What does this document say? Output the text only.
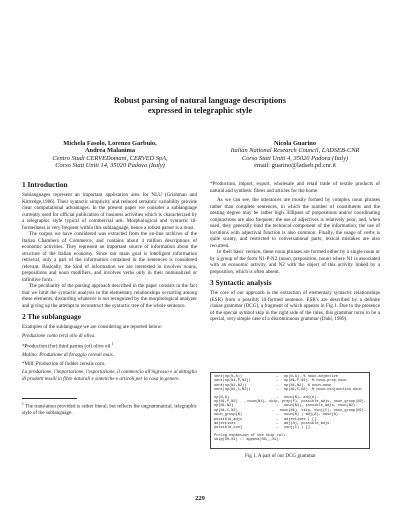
Robust parsing of natural language descriptions
expressed in telegraphic style
Michela Fasolo, Lorenzo Garbuio,
Andrea Malanima
Centro Studi CERVEDomani, CERVED SpA,
Corso Stati Uniti 14, 35020 Padova (Italy)
Nicola Guarino
Italian National Research Council, LADSEB-CNR
Corso Stati Uniti 4, 35020 Padova (Italy)
email: guarino@ladseb.pd.cnr.it

1 Introduction

Sublanguages represent an important application area for NLU (Grishman and Kittredge,1986). Their syntactic simplicity and reduced semantic variability provide clear computational advantages. In the present paper we consider a sublanguage currently used for official publication of business activities which is characterized by a telegraphic style typical of commercial ads. Morphological and syntactic ill-formedness is very frequent within this sublanguage, hence a robust parser is a must.

The corpus we have considered was extracted from the on-line archives of the Italian Chambers of Commerce, and contains about 4 million descriptions of economic activities. They represent an important source of information about the structure of the Italian economy. Since our main goal is intelligent information retrieval, only a part of the information contained in the sentences is considered relevant. Basically, the kind of information we are interested in involves nouns, prepositions and noun modifiers, and involves verbs only in their nominalized or infinitive form.

The peculiarity of the parsing approach described in the paper consists in the fact that we limit the syntactic analysis to the elementary relationships occurring among these elements, discarding whatever is not recognized by the morphological analyzer and giving up the attempt to reconstruct the syntactic tree of the whole sentence.

2 The sublanguage

Examples of the sublanguage we are considering are reported below:

Produzione conto terzi olio di oliva.

*Production (for) third parties (of) olive oil.$^1$

Mulino. Produzione di foraggio cereali mais.

*Mill. Production of fodder cereals corn.

La produzione, l'importazione, l'esportazione, il commercio all'ingrosso e al dettaglio di prodotti tessili in fibre naturali e sintetiche e articoli per la casa in genere.

$^1$ The translation provided is rather literal, but reflects the ungrammatical, telegraphic style of the sublanguage.

*Production, import, export, wholesale and retail trade of textile products of natural and synthetic fibres and articles for the home.

As we can see, the utterances are mostly formed by complex noun phrases rather than complete sentences, in which the number of constituents and the nesting degree may be rather high. Ellipses of prepositions and/or coordinating conjunctions are also frequent; the use of adjectives is relatively poor, and, when used, they generally bind the technical component of the information; the use of locutions with adjectival function is also common. Finally, the usage of verbs is quite scanty, and restricted to conversational parts; lexical mistakes are also recurrent.

In their basic version, these noun phrases are formed either by a single noun or by a group of the form N1-P-N2 (noun, preposition, noun) where N1 is associated with an economic activity, and N2 with the object of this activity linked by a preposition, which is often absent.

3 Syntactic analysis

The core of our approach is the extraction of elementary syntactic relationships (ESR) from a possibly ill-formed sentence. ESR's are described by a definite clause grammar (DCG), a fragment of which appears in Fig.1. Due to the presence of the special symbol skip in the right side of the rules, this grammar turns to be a special, very simple case of a discontinuous grammar (Dahl, 1989).

sent(np(N,A))	→	np(N,A). % noun-adjective
sent(np(N1,P,N2))	→	np(N1,P,N2). % noun-prep-noun
sent(np(N1,N2))	→	np(N1,N2). % noun-noun
sent(np(N1,C,N2))	→	np(N1,C,N2). % noun-conjunction-noun
np(N,A)	→	noun(N), adj(A).
np(N1,P,N2)	→ noun(N1), skip, prep(P), possible_adjs, noun_group(N2).
np(N1,N2)	→	noun(N1), possible_adjs, noun(N2).
np(N1,C,N2)	→	noun(N1), skip, conj(C), noun_group(N2).
noun_group(N)	→	noun(N) | adj(A), noun(N).
possible_adjs	→	adjectives | [].
adjectives	→	adj(A), possible_adjs.
possible_conj	→	conj(C) | [].
Prolog expansion of the skip call:
skip(S0,S1) :- append(S0,_,S1).
Fig 1. A part of our DCG grammar
229
